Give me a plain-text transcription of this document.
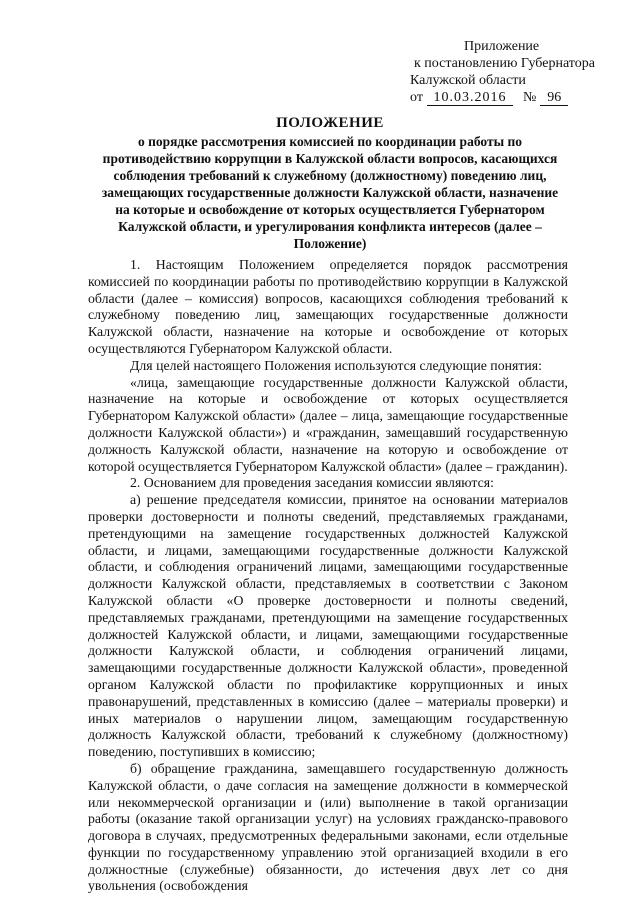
Приложение
к постановлению Губернатора
Калужской области
от 10.03.2016 № 96
ПОЛОЖЕНИЕ
о порядке рассмотрения комиссией по координации работы по противодействию коррупции в Калужской области вопросов, касающихся соблюдения требований к служебному (должностному) поведению лиц, замещающих государственные должности Калужской области, назначение на которые и освобождение от которых осуществляется Губернатором Калужской области, и урегулирования конфликта интересов (далее – Положение)

1. Настоящим Положением определяется порядок рассмотрения комиссией по координации работы по противодействию коррупции в Калужской области (далее – комиссия) вопросов, касающихся соблюдения требований к служебному поведению лиц, замещающих государственные должности Калужской области, назначение на которые и освобождение от которых осуществляются Губернатором Калужской области.

Для целей настоящего Положения используются следующие понятия:

«лица, замещающие государственные должности Калужской области, назначение на которые и освобождение от которых осуществляется Губернатором Калужской области» (далее – лица, замещающие государственные должности Калужской области») и «гражданин, замещавший государственную должность Калужской области, назначение на которую и освобождение от которой осуществляется Губернатором Калужской области» (далее – гражданин).

2. Основанием для проведения заседания комиссии являются:

а) решение председателя комиссии, принятое на основании материалов проверки достоверности и полноты сведений, представляемых гражданами, претендующими на замещение государственных должностей Калужской области, и лицами, замещающими государственные должности Калужской области, и соблюдения ограничений лицами, замещающими государственные должности Калужской области, представляемых в соответствии с Законом Калужской области «О проверке достоверности и полноты сведений, представляемых гражданами, претендующими на замещение государственных должностей Калужской области, и лицами, замещающими государственные должности Калужской области, и соблюдения ограничений лицами, замещающими государственные должности Калужской области», проведенной органом Калужской области по профилактике коррупционных и иных правонарушений, представленных в комиссию (далее – материалы проверки) и иных материалов о нарушении лицом, замещающим государственную должность Калужской области, требований к служебному (должностному) поведению, поступивших в комиссию;

б) обращение гражданина, замещавшего государственную должность Калужской области, о даче согласия на замещение должности в коммерческой или некоммерческой организации и (или) выполнение в такой организации работы (оказание такой организации услуг) на условиях гражданско-правового договора в случаях, предусмотренных федеральными законами, если отдельные функции по государственному управлению этой организацией входили в его должностные (служебные) обязанности, до истечения двух лет со дня увольнения (освобождения
